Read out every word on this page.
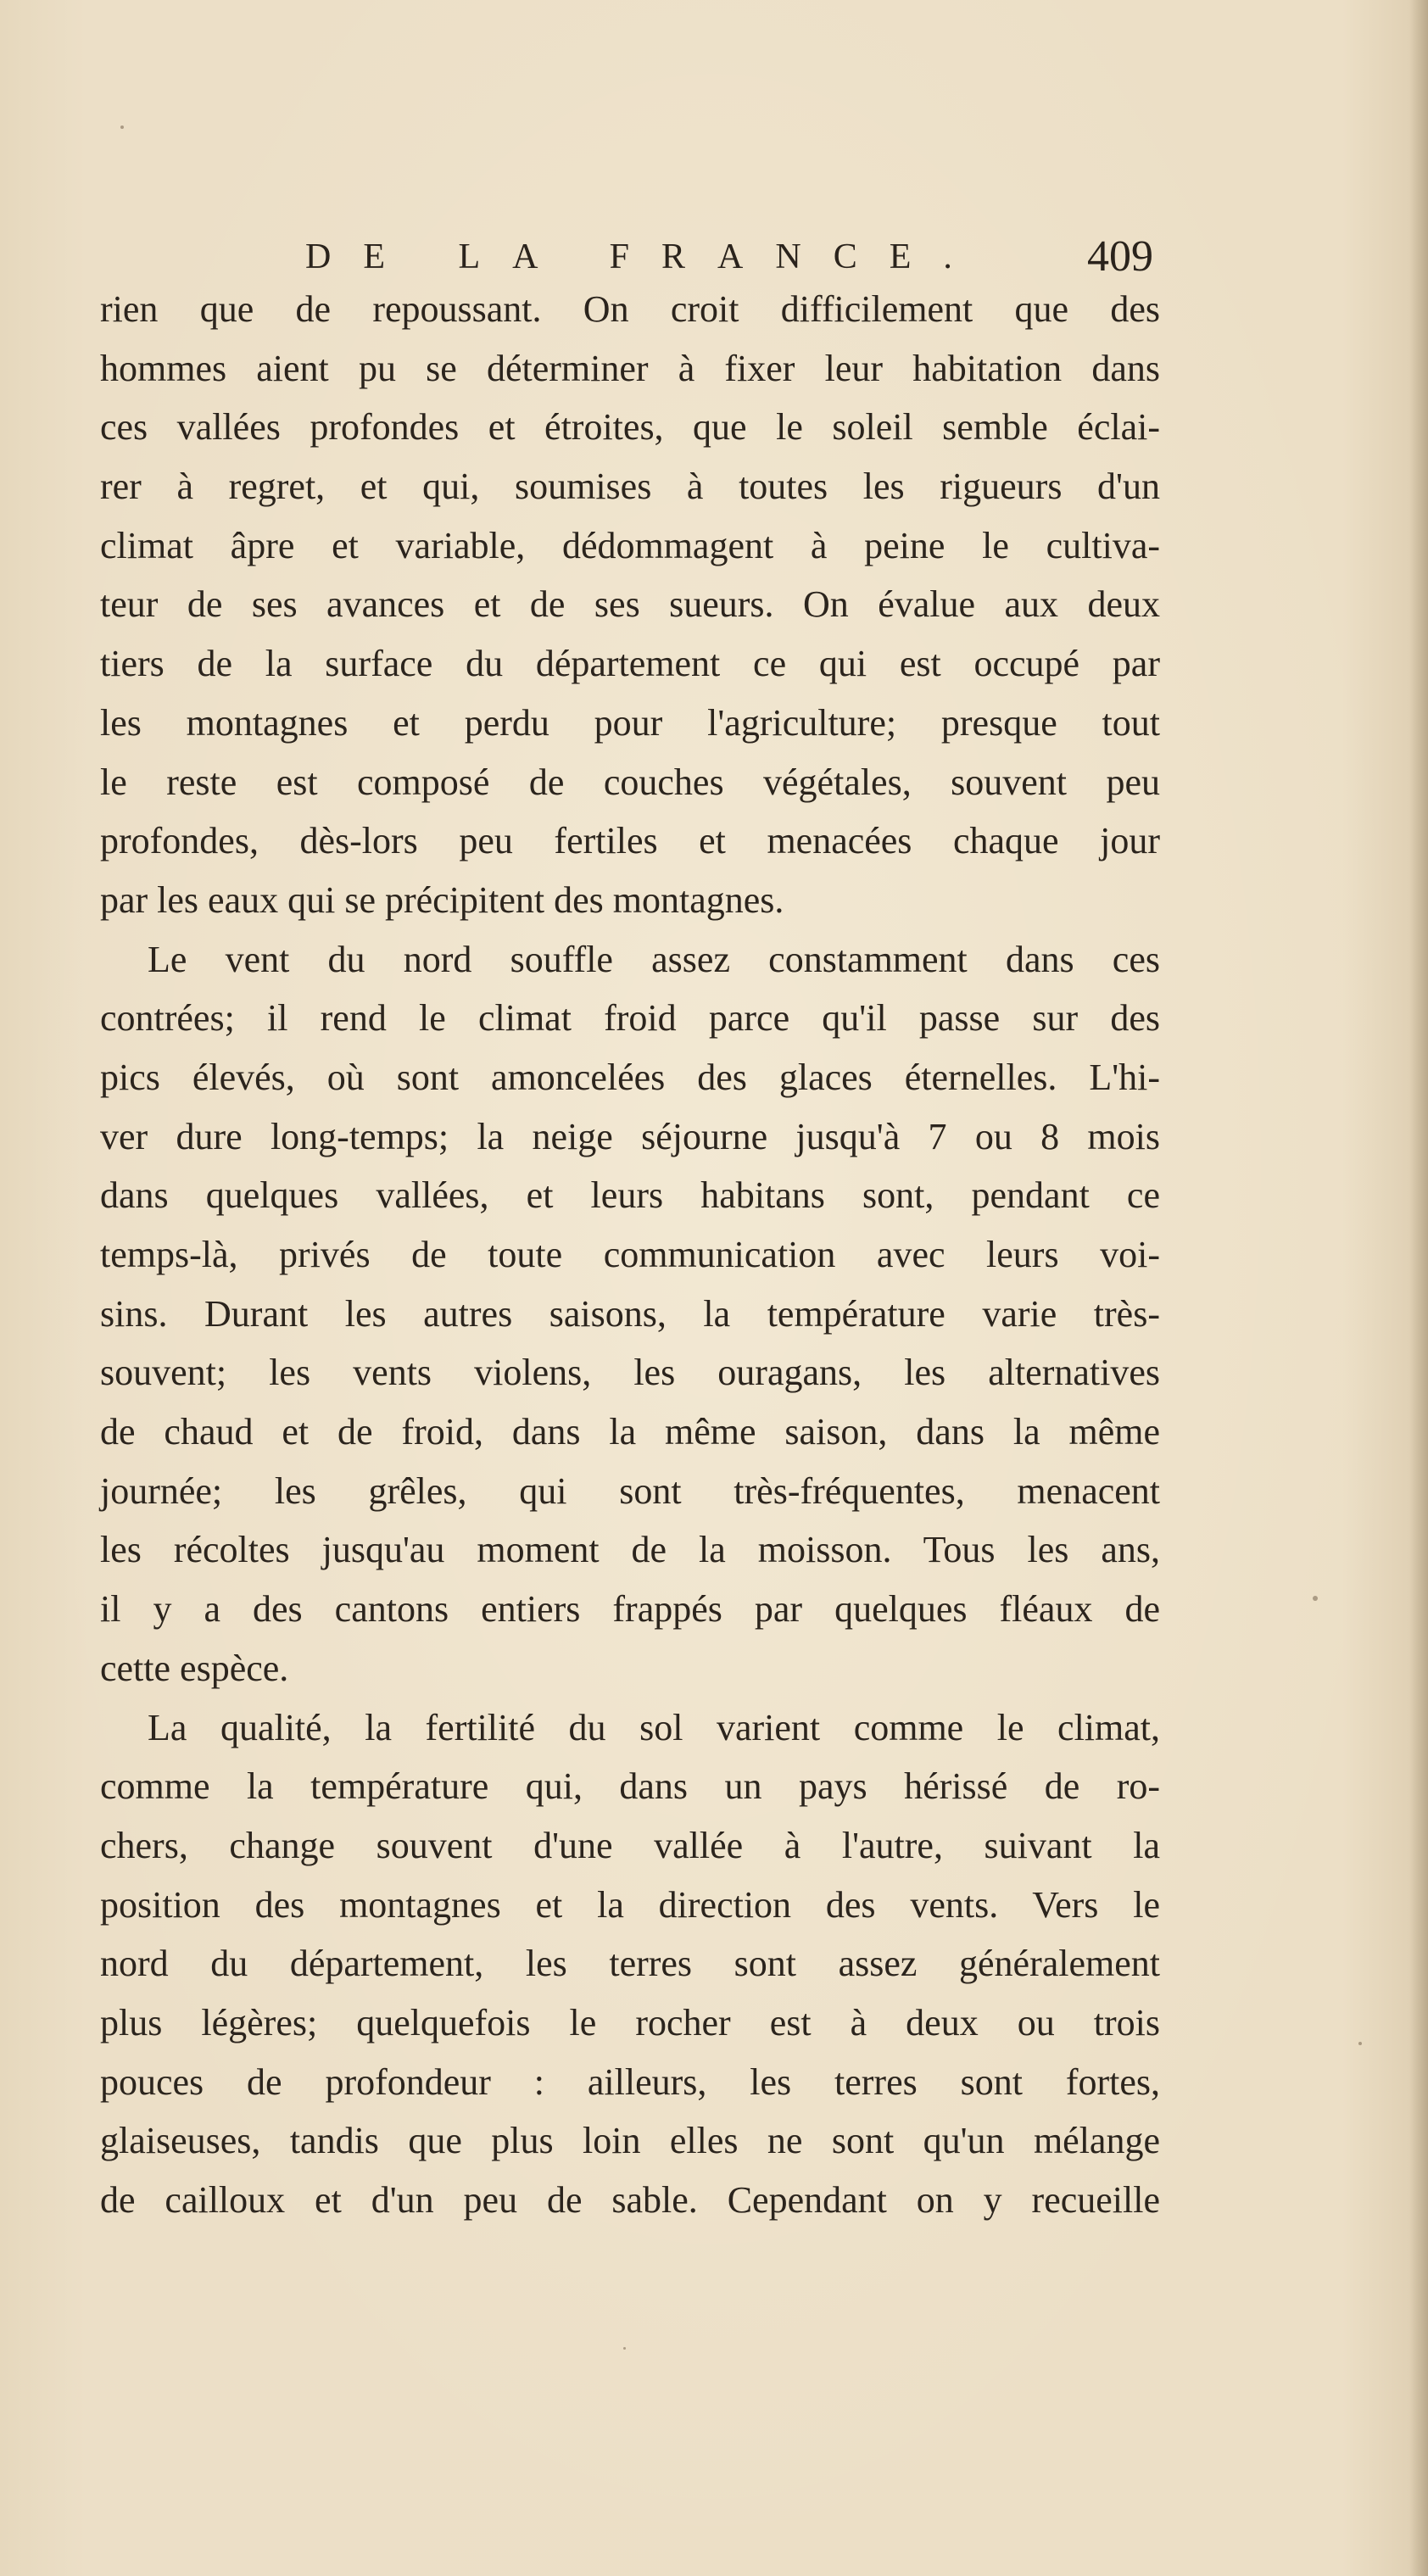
DE LA FRANCE. 409
rien que de repoussant. On croit difficilement que des
hommes aient pu se déterminer à fixer leur habitation dans
ces vallées profondes et étroites, que le soleil semble éclai-
rer à regret, et qui, soumises à toutes les rigueurs d'un
climat âpre et variable, dédommagent à peine le cultiva-
teur de ses avances et de ses sueurs. On évalue aux deux
tiers de la surface du département ce qui est occupé par
les montagnes et perdu pour l'agriculture; presque tout
le reste est composé de couches végétales, souvent peu
profondes, dès-lors peu fertiles et menacées chaque jour
par les eaux qui se précipitent des montagnes.
Le vent du nord souffle assez constamment dans ces
contrées; il rend le climat froid parce qu'il passe sur des
pics élevés, où sont amoncelées des glaces éternelles. L'hi-
ver dure long-temps; la neige séjourne jusqu'à 7 ou 8 mois
dans quelques vallées, et leurs habitans sont, pendant ce
temps-là, privés de toute communication avec leurs voi-
sins. Durant les autres saisons, la température varie très-
souvent; les vents violens, les ouragans, les alternatives
de chaud et de froid, dans la même saison, dans la même
journée; les grêles, qui sont très-fréquentes, menacent
les récoltes jusqu'au moment de la moisson. Tous les ans,
il y a des cantons entiers frappés par quelques fléaux de
cette espèce.
La qualité, la fertilité du sol varient comme le climat,
comme la température qui, dans un pays hérissé de ro-
chers, change souvent d'une vallée à l'autre, suivant la
position des montagnes et la direction des vents. Vers le
nord du département, les terres sont assez généralement
plus légères; quelquefois le rocher est à deux ou trois
pouces de profondeur : ailleurs, les terres sont fortes,
glaiseuses, tandis que plus loin elles ne sont qu'un mélange
de cailloux et d'un peu de sable. Cependant on y recueille
